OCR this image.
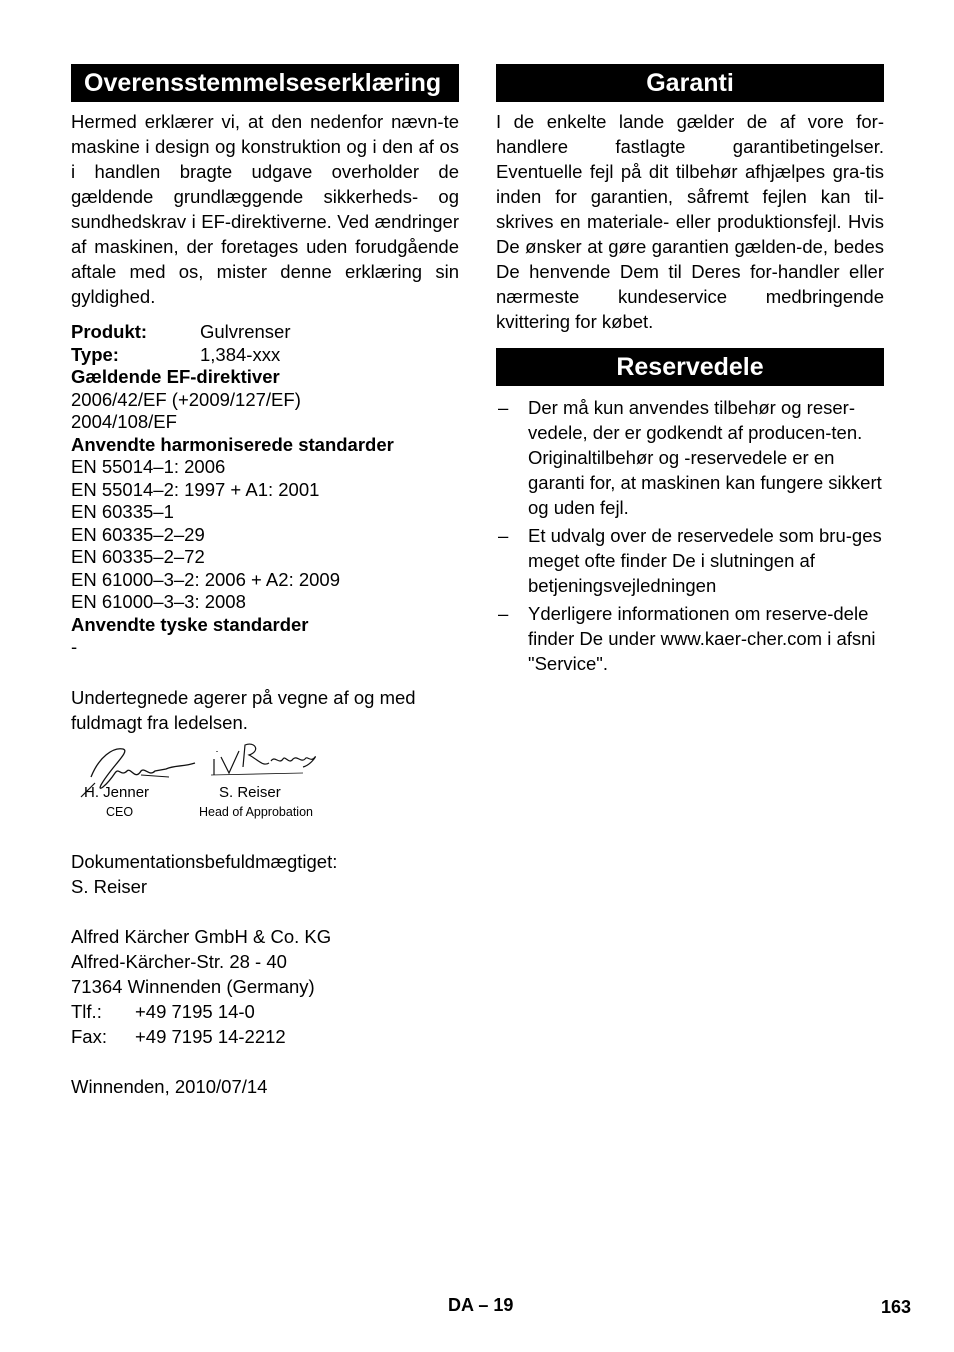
Overensstemmelseserklæring

Hermed erklærer vi, at den nedenfor nævn-te maskine i design og konstruktion og i den af os i handlen bragte udgave overholder de gældende grundlæggende sikkerheds- og sundhedskrav i EF-direktiverne. Ved ændringer af maskinen, der foretages uden forudgående aftale med os, mister denne erklæring sin gyldighed.

Produkt:	Gulvrenser
Type:	1,384-xxx
Gældende EF-direktiver
2006/42/EF (+2009/127/EF)
2004/108/EF
Anvendte harmoniserede standarder
EN 55014–1: 2006
EN 55014–2: 1997 + A1: 2001
EN 60335–1
EN 60335–2–29
EN 60335–2–72
EN 61000–3–2: 2006 + A2: 2009
EN 61000–3–3: 2008
Anvendte tyske standarder
-

Undertegnede agerer på vegne af og med fuldmagt fra ledelsen.

H. Jenner
CEO
S. Reiser
Head of Approbation

Dokumentationsbefuldmægtiget:

S. Reiser

Alfred Kärcher GmbH & Co. KG

Alfred-Kärcher-Str. 28 - 40

71364 Winnenden (Germany)

Tlf.: +49 7195 14-0

Fax: +49 7195 14-2212

Winnenden, 2010/07/14

Garanti

I de enkelte lande gælder de af vore for-handlere fastlagte garantibetingelser. Eventuelle fejl på dit tilbehør afhjælpes gra-tis inden for garantien, såfremt fejlen kan til-skrives en materiale- eller produktionsfejl. Hvis De ønsker at gøre garantien gælden-de, bedes De henvende Dem til Deres for-handler eller nærmeste kundeservice medbringende kvittering for købet.

Reservedele
– Der må kun anvendes tilbehør og reser-vedele, der er godkendt af producen-ten. Originaltilbehør og -reservedele er en garanti for, at maskinen kan fungere sikkert og uden fejl.
– Et udvalg over de reservedele som bru-ges meget ofte finder De i slutningen af betjeningsvejledningen
– Yderligere informationen om reserve-dele finder De under www.kaer-cher.com i afsni "Service".
DA – 19	163
